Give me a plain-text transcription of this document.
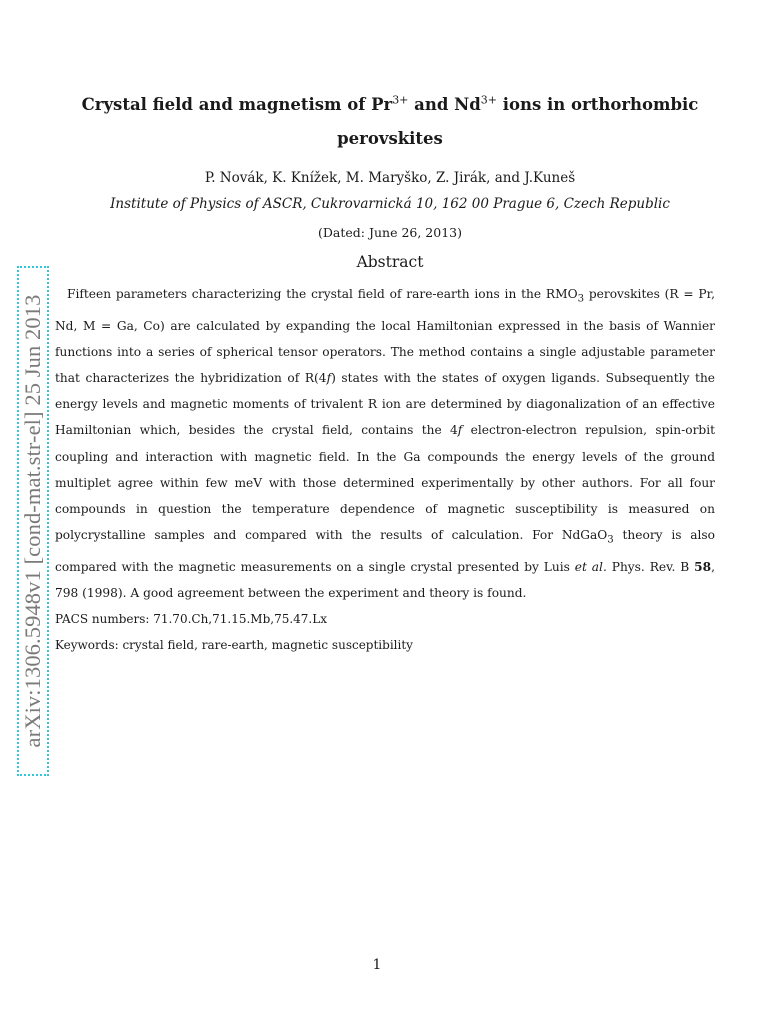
arXiv:1306.5948v1 [cond-mat.str-el] 25 Jun 2013
Crystal field and magnetism of $Pr^{3+}$ and $Nd^{3+}$ ions in orthorhombic perovskites
P. Novák, K. Knížek, M. Maryško, Z. Jirák, and J.Kuneš
Institute of Physics of ASCR, Cukrovarnická 10, 162 00 Prague 6, Czech Republic
(Dated: June 26, 2013)
Abstract
Fifteen parameters characterizing the crystal field of rare-earth ions in the $RMO_3$ perovskites (R = Pr, Nd, M = Ga, Co) are calculated by expanding the local Hamiltonian expressed in the basis of Wannier functions into a series of spherical tensor operators. The method contains a single adjustable parameter that characterizes the hybridization of R(4f) states with the states of oxygen ligands. Subsequently the energy levels and magnetic moments of trivalent R ion are determined by diagonalization of an effective Hamiltonian which, besides the crystal field, contains the 4f electron-electron repulsion, spin-orbit coupling and interaction with magnetic field. In the Ga compounds the energy levels of the ground multiplet agree within few meV with those determined experimentally by other authors. For all four compounds in question the temperature dependence of magnetic susceptibility is measured on polycrystalline samples and compared with the results of calculation. For NdGaO$_3$ theory is also compared with the magnetic measurements on a single crystal presented by Luis et al. Phys. Rev. B 58, 798 (1998). A good agreement between the experiment and theory is found.
PACS numbers: 71.70.Ch,71.15.Mb,75.47.Lx
Keywords: crystal field, rare-earth, magnetic susceptibility
1
